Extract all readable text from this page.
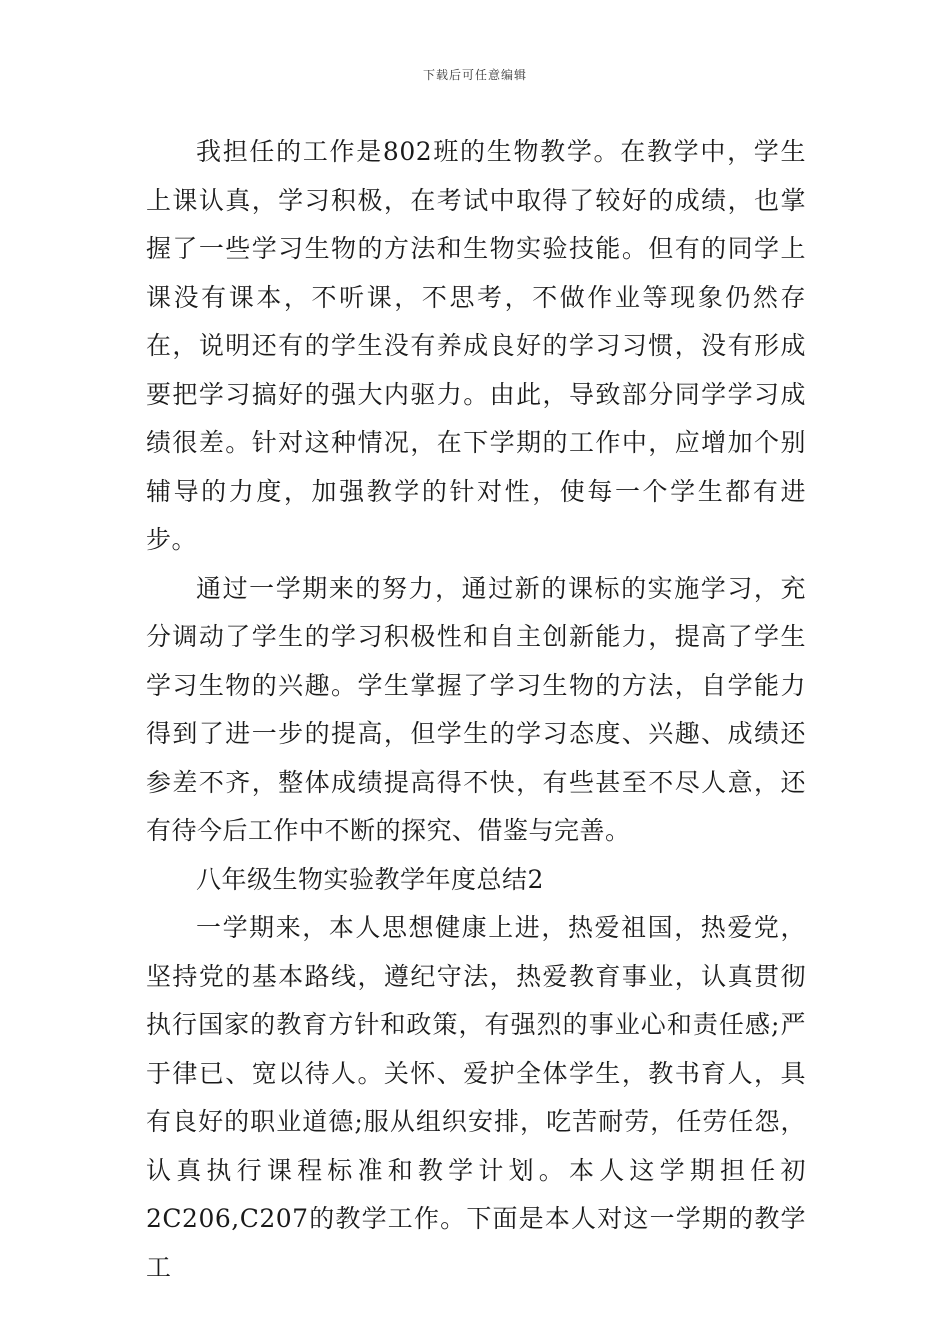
下载后可任意编辑

我担任的工作是802班的生物教学。在教学中，学生上课认真，学习积极，在考试中取得了较好的成绩，也掌握了一些学习生物的方法和生物实验技能。但有的同学上课没有课本，不听课，不思考，不做作业等现象仍然存在，说明还有的学生没有养成良好的学习习惯，没有形成要把学习搞好的强大内驱力。由此，导致部分同学学习成绩很差。针对这种情况，在下学期的工作中，应增加个别辅导的力度，加强教学的针对性，使每一个学生都有进步。

通过一学期来的努力，通过新的课标的实施学习，充分调动了学生的学习积极性和自主创新能力，提高了学生学习生物的兴趣。学生掌握了学习生物的方法，自学能力得到了进一步的提高，但学生的学习态度、兴趣、成绩还参差不齐，整体成绩提高得不快，有些甚至不尽人意，还有待今后工作中不断的探究、借鉴与完善。

八年级生物实验教学年度总结2

一学期来，本人思想健康上进，热爱祖国，热爱党，坚持党的基本路线，遵纪守法，热爱教育事业，认真贯彻执行国家的教育方针和政策，有强烈的事业心和责任感;严于律已、宽以待人。关怀、爱护全体学生，教书育人，具有良好的职业道德;服从组织安排，吃苦耐劳，任劳任怨，认真执行课程标准和教学计划。本人这学期担任初2C206,C207的教学工作。下面是本人对这一学期的教学工
